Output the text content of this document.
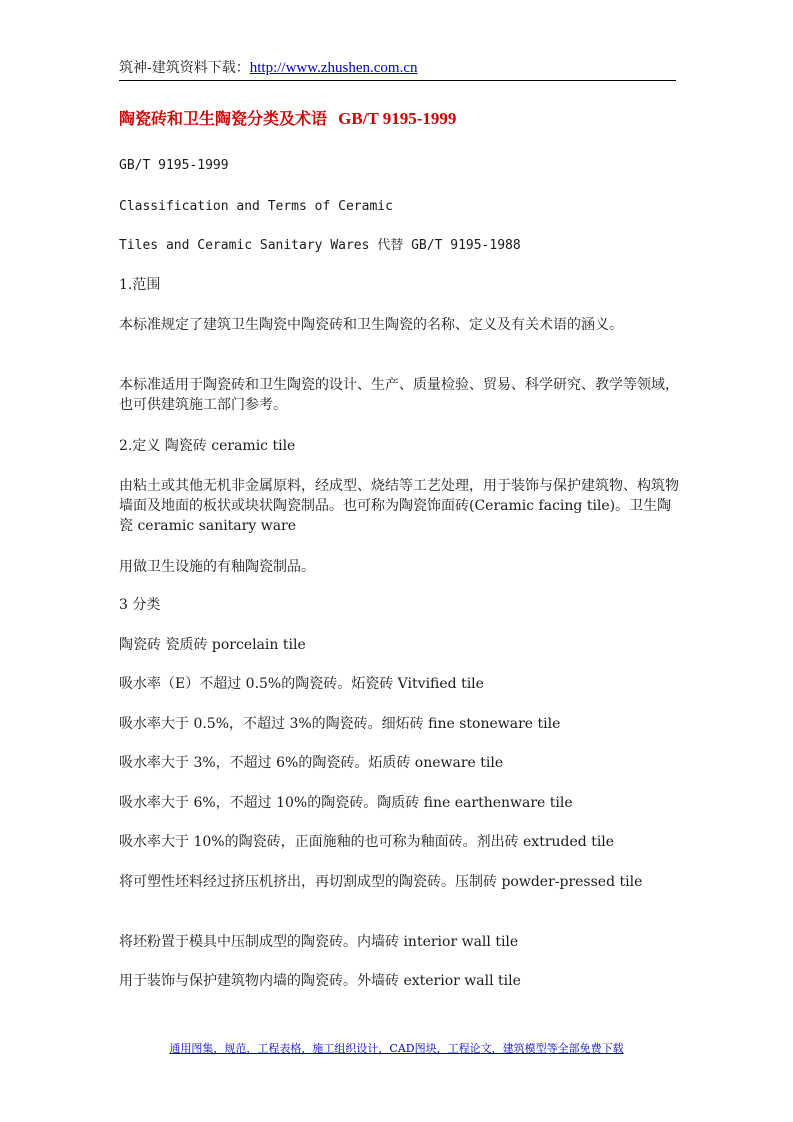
筑神-建筑资料下载：http://www.zhushen.com.cn
陶瓷砖和卫生陶瓷分类及术语 GB/T 9195-1999
GB/T 9195-1999
Classification and Terms of Ceramic
Tiles and Ceramic Sanitary Wares 代替 GB/T 9195-1988
1.范围
本标准规定了建筑卫生陶瓷中陶瓷砖和卫生陶瓷的名称、定义及有关术语的涵义。
本标准适用于陶瓷砖和卫生陶瓷的设计、生产、质量检验、贸易、科学研究、教学等领域，也可供建筑施工部门参考。
2.定义 陶瓷砖 ceramic tile
由粘土或其他无机非金属原料，经成型、烧结等工艺处理，用于装饰与保护建筑物、构筑物墙面及地面的板状或块状陶瓷制品。也可称为陶瓷饰面砖(Ceramic facing tile)。卫生陶瓷 ceramic sanitary ware
用做卫生设施的有釉陶瓷制品。
3 分类
陶瓷砖 瓷质砖 porcelain tile
吸水率（E）不超过 0.5%的陶瓷砖。炻瓷砖 Vitvified tile
吸水率大于 0.5%，不超过 3%的陶瓷砖。细炻砖 fine stoneware tile
吸水率大于 3%，不超过 6%的陶瓷砖。炻质砖 oneware tile
吸水率大于 6%，不超过 10%的陶瓷砖。陶质砖 fine earthenware tile
吸水率大于 10%的陶瓷砖，正面施釉的也可称为釉面砖。剂出砖 extruded tile
将可塑性坯料经过挤压机挤出，再切割成型的陶瓷砖。压制砖 powder-pressed tile
将坯粉置于模具中压制成型的陶瓷砖。内墙砖 interior wall tile
用于装饰与保护建筑物内墙的陶瓷砖。外墙砖 exterior wall tile
通用图集，规范，工程表格，施工组织设计，CAD图块，工程论文，建筑模型等全部免费下载
